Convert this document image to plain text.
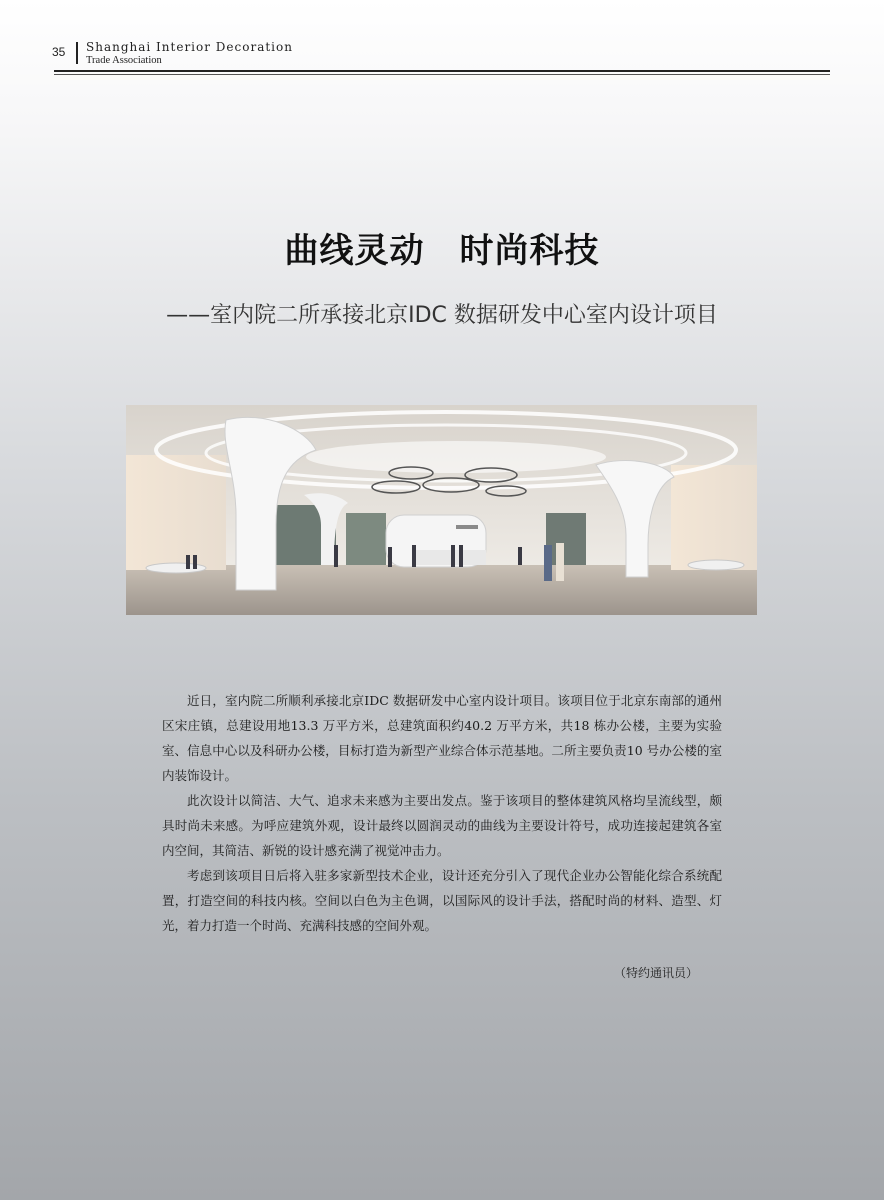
35 Shanghai Interior Decoration
Trade Association
曲线灵动　时尚科技
——室内院二所承接北京IDC 数据研发中心室内设计项目

近日，室内院二所顺利承接北京IDC 数据研发中心室内设计项目。该项目位于北京东南部的通州区宋庄镇，总建设用地13.3 万平方米，总建筑面积约40.2 万平方米，共18 栋办公楼，主要为实验室、信息中心以及科研办公楼，目标打造为新型产业综合体示范基地。二所主要负责10 号办公楼的室内装饰设计。

此次设计以简洁、大气、追求未来感为主要出发点。鉴于该项目的整体建筑风格均呈流线型，颇具时尚未来感。为呼应建筑外观，设计最终以圆润灵动的曲线为主要设计符号，成功连接起建筑各室内空间，其简洁、新锐的设计感充满了视觉冲击力。

考虑到该项目日后将入驻多家新型技术企业，设计还充分引入了现代企业办公智能化综合系统配置，打造空间的科技内核。空间以白色为主色调，以国际风的设计手法，搭配时尚的材料、造型、灯光，着力打造一个时尚、充满科技感的空间外观。

（特约通讯员）
